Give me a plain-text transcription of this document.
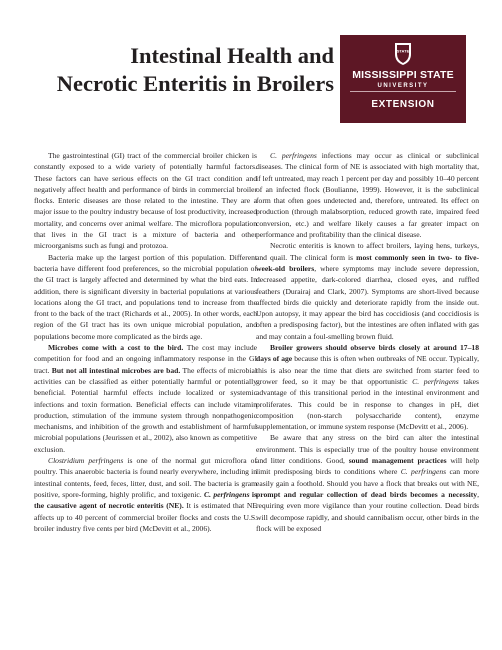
Intestinal Health and
Necrotic Enteritis in Broilers
STATE
MISSISSIPPI STATE
UNIVERSITY
EXTENSION

The gastrointestinal (GI) tract of the commercial broiler chicken is constantly exposed to a wide variety of potentially harmful factors. These factors can have serious effects on the GI tract condition and negatively affect health and performance of birds in commercial broiler flocks. Enteric diseases are those related to the intestine. They are a major issue to the poultry industry because of lost productivity, increased mortality, and concerns over animal welfare. The microflora population that lives in the GI tract is a mixture of bacteria and other microorganisms such as fungi and protozoa.

Bacteria make up the largest portion of this population. Different bacteria have different food preferences, so the microbial population of the GI tract is largely affected and determined by what the bird eats. In addition, there is significant diversity in bacterial populations at various locations along the GI tract, and populations tend to increase from the front to the back of the tract (Richards et al., 2005). In other words, each region of the GI tract has its own unique microbial population, and populations become more complicated as the birds age.

Microbes come with a cost to the bird. The cost may include competition for food and an ongoing inflammatory response in the GI tract. But not all intestinal microbes are bad. The effects of microbial activities can be classified as either potentially harmful or potentially beneficial. Potential harmful effects include localized or systemic infections and toxin formation. Beneficial effects can include vitamin production, stimulation of the immune system through nonpathogenic mechanisms, and inhibition of the growth and establishment of harmful microbial populations (Jeurissen et al., 2002), also known as competitive exclusion.

Clostridium perfringens is one of the normal gut microflora of poultry. This anaerobic bacteria is found nearly everywhere, including in intestinal contents, feed, feces, litter, dust, and soil. The bacteria is gram positive, spore-forming, highly prolific, and toxigenic. C. perfringens is the causative agent of necrotic enteritis (NE). It is estimated that NE affects up to 40 percent of commercial broiler flocks and costs the U.S. broiler industry five cents per bird (McDevitt et al., 2006).

C. perfringens infections may occur as clinical or subclinical diseases. The clinical form of NE is associated with high mortality that, if left untreated, may reach 1 percent per day and possibly 10–40 percent of an infected flock (Boulianne, 1999). However, it is the subclinical form that often goes undetected and, therefore, untreated. Its effect on production (through malabsorption, reduced growth rate, impaired feed conversion, etc.) and welfare likely causes a far greater impact on performance and profitability than the clinical disease.

Necrotic enteritis is known to affect broilers, laying hens, turkeys, and quail. The clinical form is most commonly seen in two- to five-week-old broilers, where symptoms may include severe depression, decreased appetite, dark-colored diarrhea, closed eyes, and ruffled feathers (Durairaj and Clark, 2007). Symptoms are short-lived because affected birds die quickly and deteriorate rapidly from the inside out. Upon autopsy, it may appear the bird has coccidiosis (and coccidiosis is often a predisposing factor), but the intestines are often inflated with gas and may contain a foul-smelling brown fluid.

Broiler growers should observe birds closely at around 17–18 days of age because this is often when outbreaks of NE occur. Typically, this is also near the time that diets are switched from starter feed to grower feed, so it may be that opportunistic C. perfringens takes advantage of this transitional period in the intestinal environment and proliferates. This could be in response to changes in pH, diet composition (non-starch polysaccharide content), enzyme supplementation, or immune system response (McDevitt et al., 2006).

Be aware that any stress on the bird can alter the intestinal environment. This is especially true of the poultry house environment and litter conditions. Good, sound management practices will help limit predisposing birds to conditions where C. perfringens can more easily gain a foothold. Should you have a flock that breaks out with NE, prompt and regular collection of dead birds becomes a necessity, requiring even more vigilance than your routine collection. Dead birds will decompose rapidly, and should cannibalism occur, other birds in the flock will be exposed
